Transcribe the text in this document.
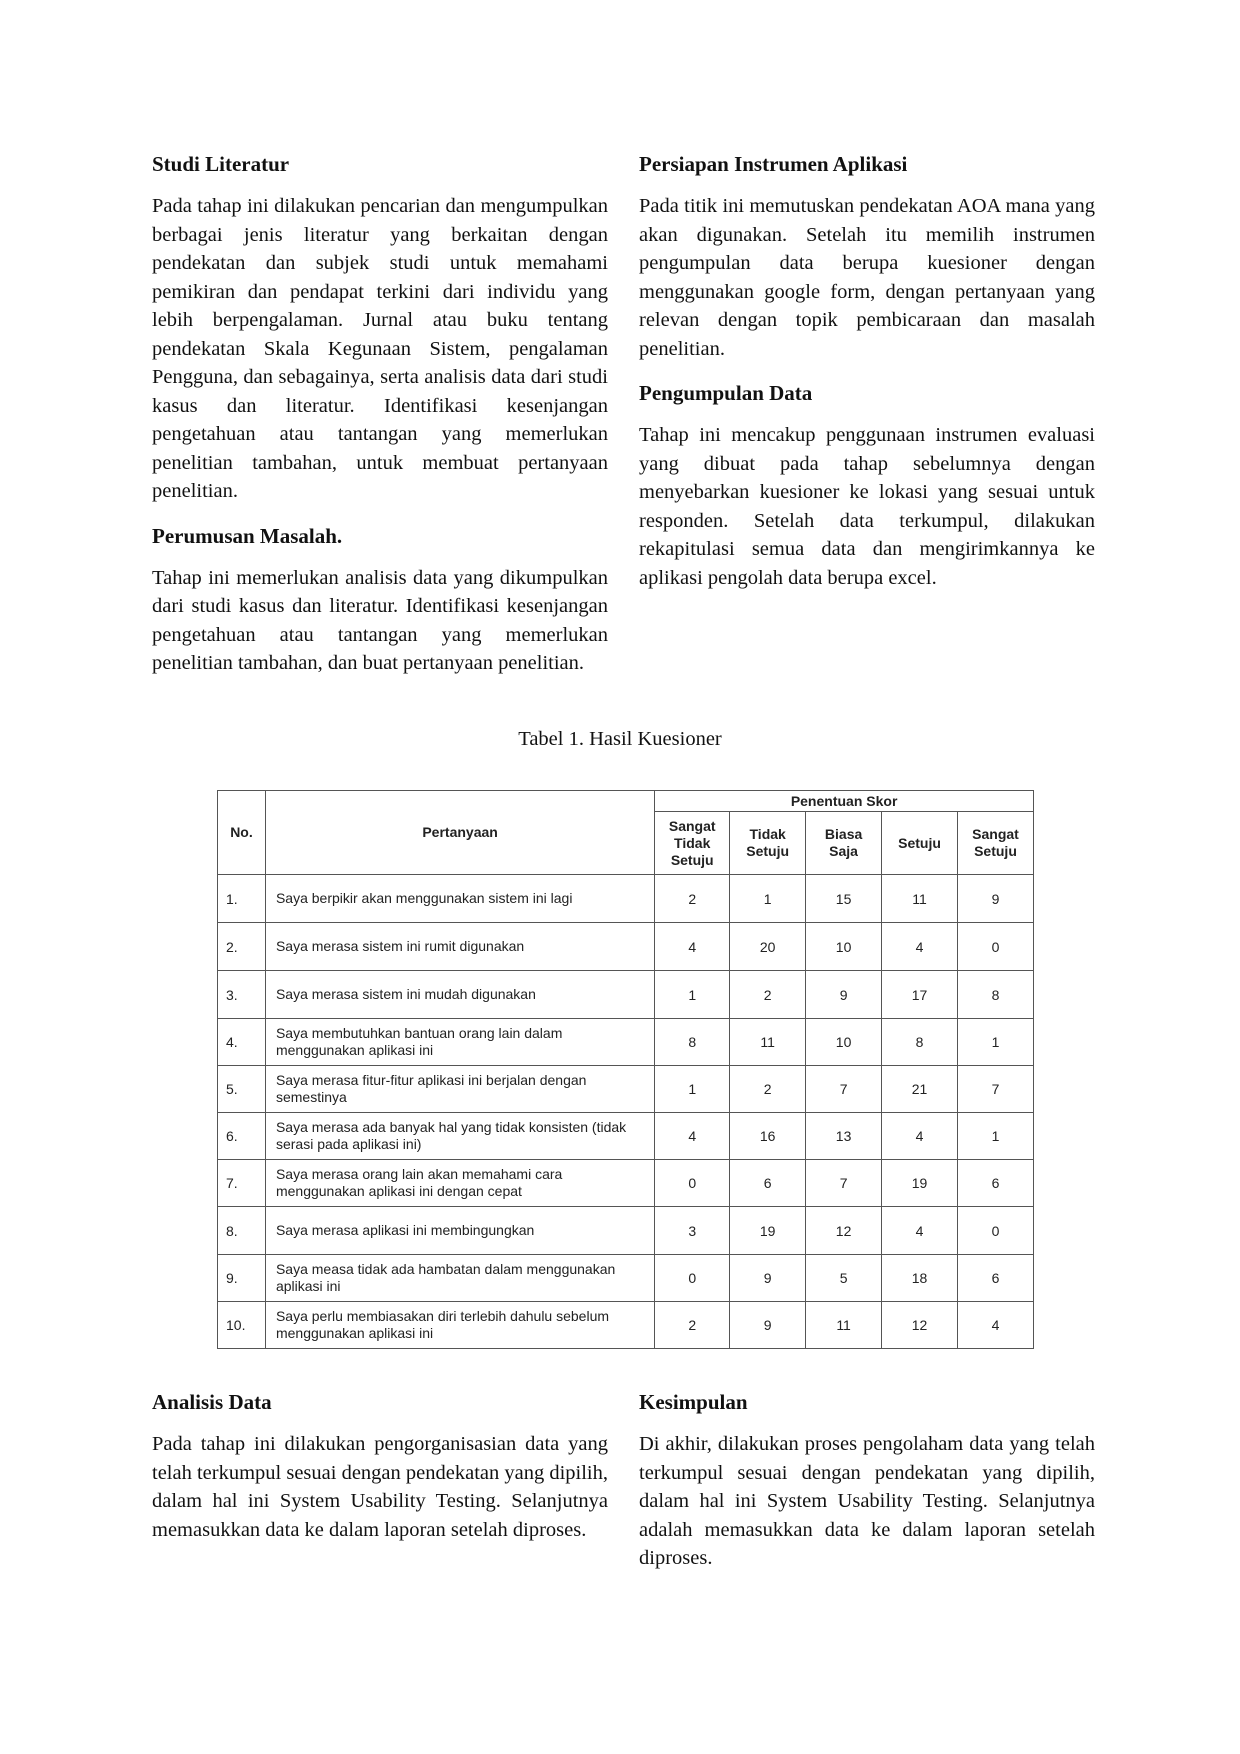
Studi Literatur

Pada tahap ini dilakukan pencarian dan mengumpulkan berbagai jenis literatur yang berkaitan dengan pendekatan dan subjek studi untuk memahami pemikiran dan pendapat terkini dari individu yang lebih berpengalaman. Jurnal atau buku tentang pendekatan Skala Kegunaan Sistem, pengalaman Pengguna, dan sebagainya, serta analisis data dari studi kasus dan literatur. Identifikasi kesenjangan pengetahuan atau tantangan yang memerlukan penelitian tambahan, untuk membuat pertanyaan penelitian.

Perumusan Masalah.

Tahap ini memerlukan analisis data yang dikumpulkan dari studi kasus dan literatur. Identifikasi kesenjangan pengetahuan atau tantangan yang memerlukan penelitian tambahan, dan buat pertanyaan penelitian.

Persiapan Instrumen Aplikasi

Pada titik ini memutuskan pendekatan AOA mana yang akan digunakan. Setelah itu memilih instrumen pengumpulan data berupa kuesioner dengan menggunakan google form, dengan pertanyaan yang relevan dengan topik pembicaraan dan masalah penelitian.

Pengumpulan Data

Tahap ini mencakup penggunaan instrumen evaluasi yang dibuat pada tahap sebelumnya dengan menyebarkan kuesioner ke lokasi yang sesuai untuk responden. Setelah data terkumpul, dilakukan rekapitulasi semua data dan mengirimkannya ke aplikasi pengolah data berupa excel.

Tabel 1. Hasil Kuesioner
No.	Pertanyaan	Penentuan Skor				
		Sangat Tidak Setuju	Tidak Setuju	Biasa Saja	Setuju	Sangat Setuju
1.	Saya berpikir akan menggunakan sistem ini lagi	2	1	15	11	9
2.	Saya merasa sistem ini rumit digunakan	4	20	10	4	0
3.	Saya merasa sistem ini mudah digunakan	1	2	9	17	8
4.	Saya membutuhkan bantuan orang lain dalam menggunakan aplikasi ini	8	11	10	8	1
5.	Saya merasa fitur-fitur aplikasi ini berjalan dengan semestinya	1	2	7	21	7
6.	Saya merasa ada banyak hal yang tidak konsisten (tidak serasi pada aplikasi ini)	4	16	13	4	1
7.	Saya merasa orang lain akan memahami cara menggunakan aplikasi ini dengan cepat	0	6	7	19	6
8.	Saya merasa aplikasi ini membingungkan	3	19	12	4	0
9.	Saya measa tidak ada hambatan dalam menggunakan aplikasi ini	0	9	5	18	6
10.	Saya perlu membiasakan diri terlebih dahulu sebelum menggunakan aplikasi ini	2	9	11	12	4
Analisis Data

Pada tahap ini dilakukan pengorganisasian data yang telah terkumpul sesuai dengan pendekatan yang dipilih, dalam hal ini System Usability Testing. Selanjutnya memasukkan data ke dalam laporan setelah diproses.

Kesimpulan

Di akhir, dilakukan proses pengolaham data yang telah terkumpul sesuai dengan pendekatan yang dipilih, dalam hal ini System Usability Testing. Selanjutnya adalah memasukkan data ke dalam laporan setelah diproses.
